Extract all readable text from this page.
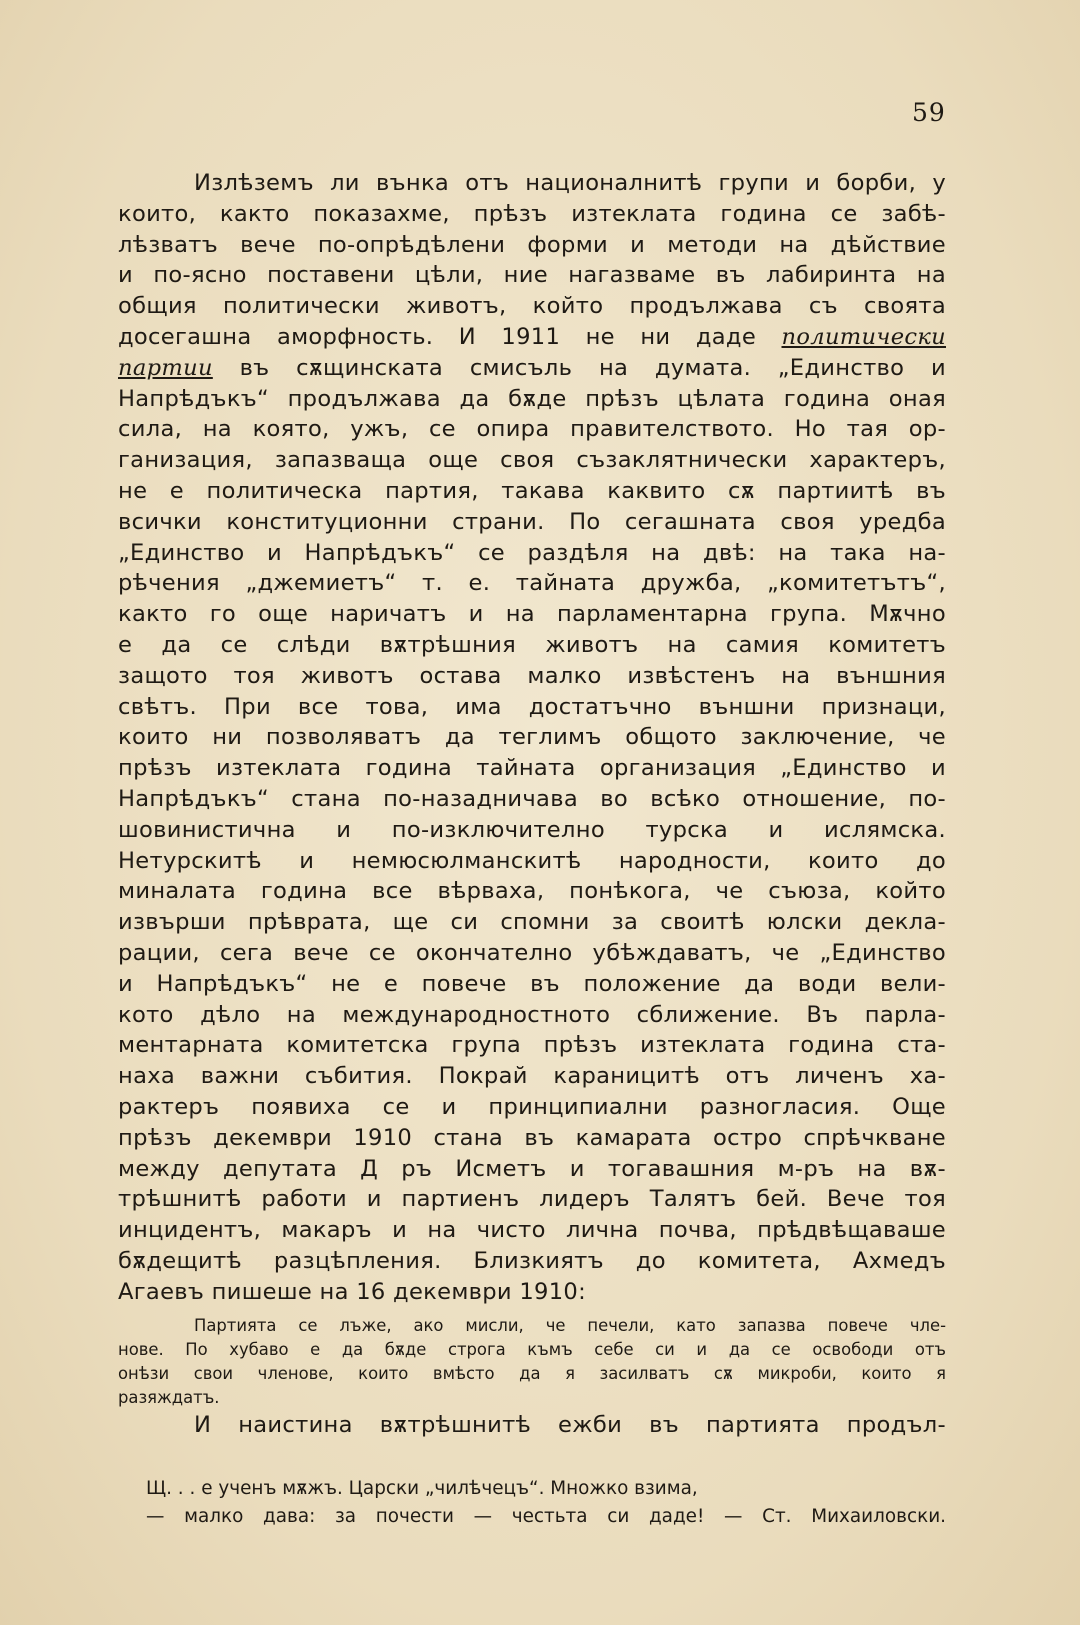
59
Излѣземъ ли вънка отъ националнитѣ групи и борби, у
които, както показахме, прѣзъ изтеклата година се забѣ-
лѣзватъ вече по-опрѣдѣлени форми и методи на дѣйствие
и по-ясно поставени цѣли, ние нагазваме въ лабиринта на
общия политически животъ, който продължава съ своята
досегашна аморфность. И 1911 не ни даде политически
партии въ сѫщинската смисъль на думата. „Единство и
Напрѣдъкъ“ продължава да бѫде прѣзъ цѣлата година оная
сила, на която, ужъ, се опира правителството. Но тая ор-
ганизация, запазваща още своя съзаклятнически характеръ,
не е политическа партия, такава каквито сѫ партиитѣ въ
всички конституционни страни. По сегашната своя уредба
„Единство и Напрѣдъкъ“ се раздѣля на двѣ: на така на-
рѣчения „джемиетъ“ т. е. тайната дружба, „комитетътъ“,
както го още наричатъ и на парламентарна група. Мѫчно
е да се слѣди вѫтрѣшния животъ на самия комитетъ
защото тоя животъ остава малко извѣстенъ на външния
свѣтъ. При все това, има достатъчно външни признаци,
които ни позволяватъ да теглимъ общото заключение, че
прѣзъ изтеклата година тайната организация „Единство и
Напрѣдъкъ“ стана по-назадничава во всѣко отношение, по-
шовинистична и по-изключително турска и ислямска.
Нетурскитѣ и немюсюлманскитѣ народности, които до
миналата година все вѣрваха, понѣкога, че съюза, който
извърши прѣврата, ще си спомни за своитѣ юлски декла-
рации, сега вече се окончателно убѣждаватъ, че „Единство
и Напрѣдъкъ“ не е повече въ положение да води вели-
кото дѣло на международностното сближение. Въ парла-
ментарната комитетска група прѣзъ изтеклата година ста-
наха важни събития. Покрай караницитѣ отъ личенъ ха-
рактеръ появиха се и принципиални разногласия. Още
прѣзъ декември 1910 стана въ камарата остро спрѣчкване
между депутата Д ръ Исметъ и тогавашния м-ръ на вѫ-
трѣшнитѣ работи и партиенъ лидеръ Талятъ бей. Вече тоя
инцидентъ, макаръ и на чисто лична почва, прѣдвѣщаваше
бѫдещитѣ разцѣпления. Близкиятъ до комитета, Ахмедъ
Агаевъ пишеше на 16 декември 1910:
Партията се лъже, ако мисли, че печели, като запазва повече чле-
нове. По хубаво е да бѫде строга къмъ себе си и да се освободи отъ
онѣзи свои членове, които вмѣсто да я засилватъ сѫ микроби, които я
разяждатъ.
И наистина вѫтрѣшнитѣ ежби въ партията продъл-
Щ. . . е ученъ мѫжъ. Царски „чилѣчецъ“. Множко взима,
— малко дава: за почести — честьта си даде! — Ст. Михаиловски.
